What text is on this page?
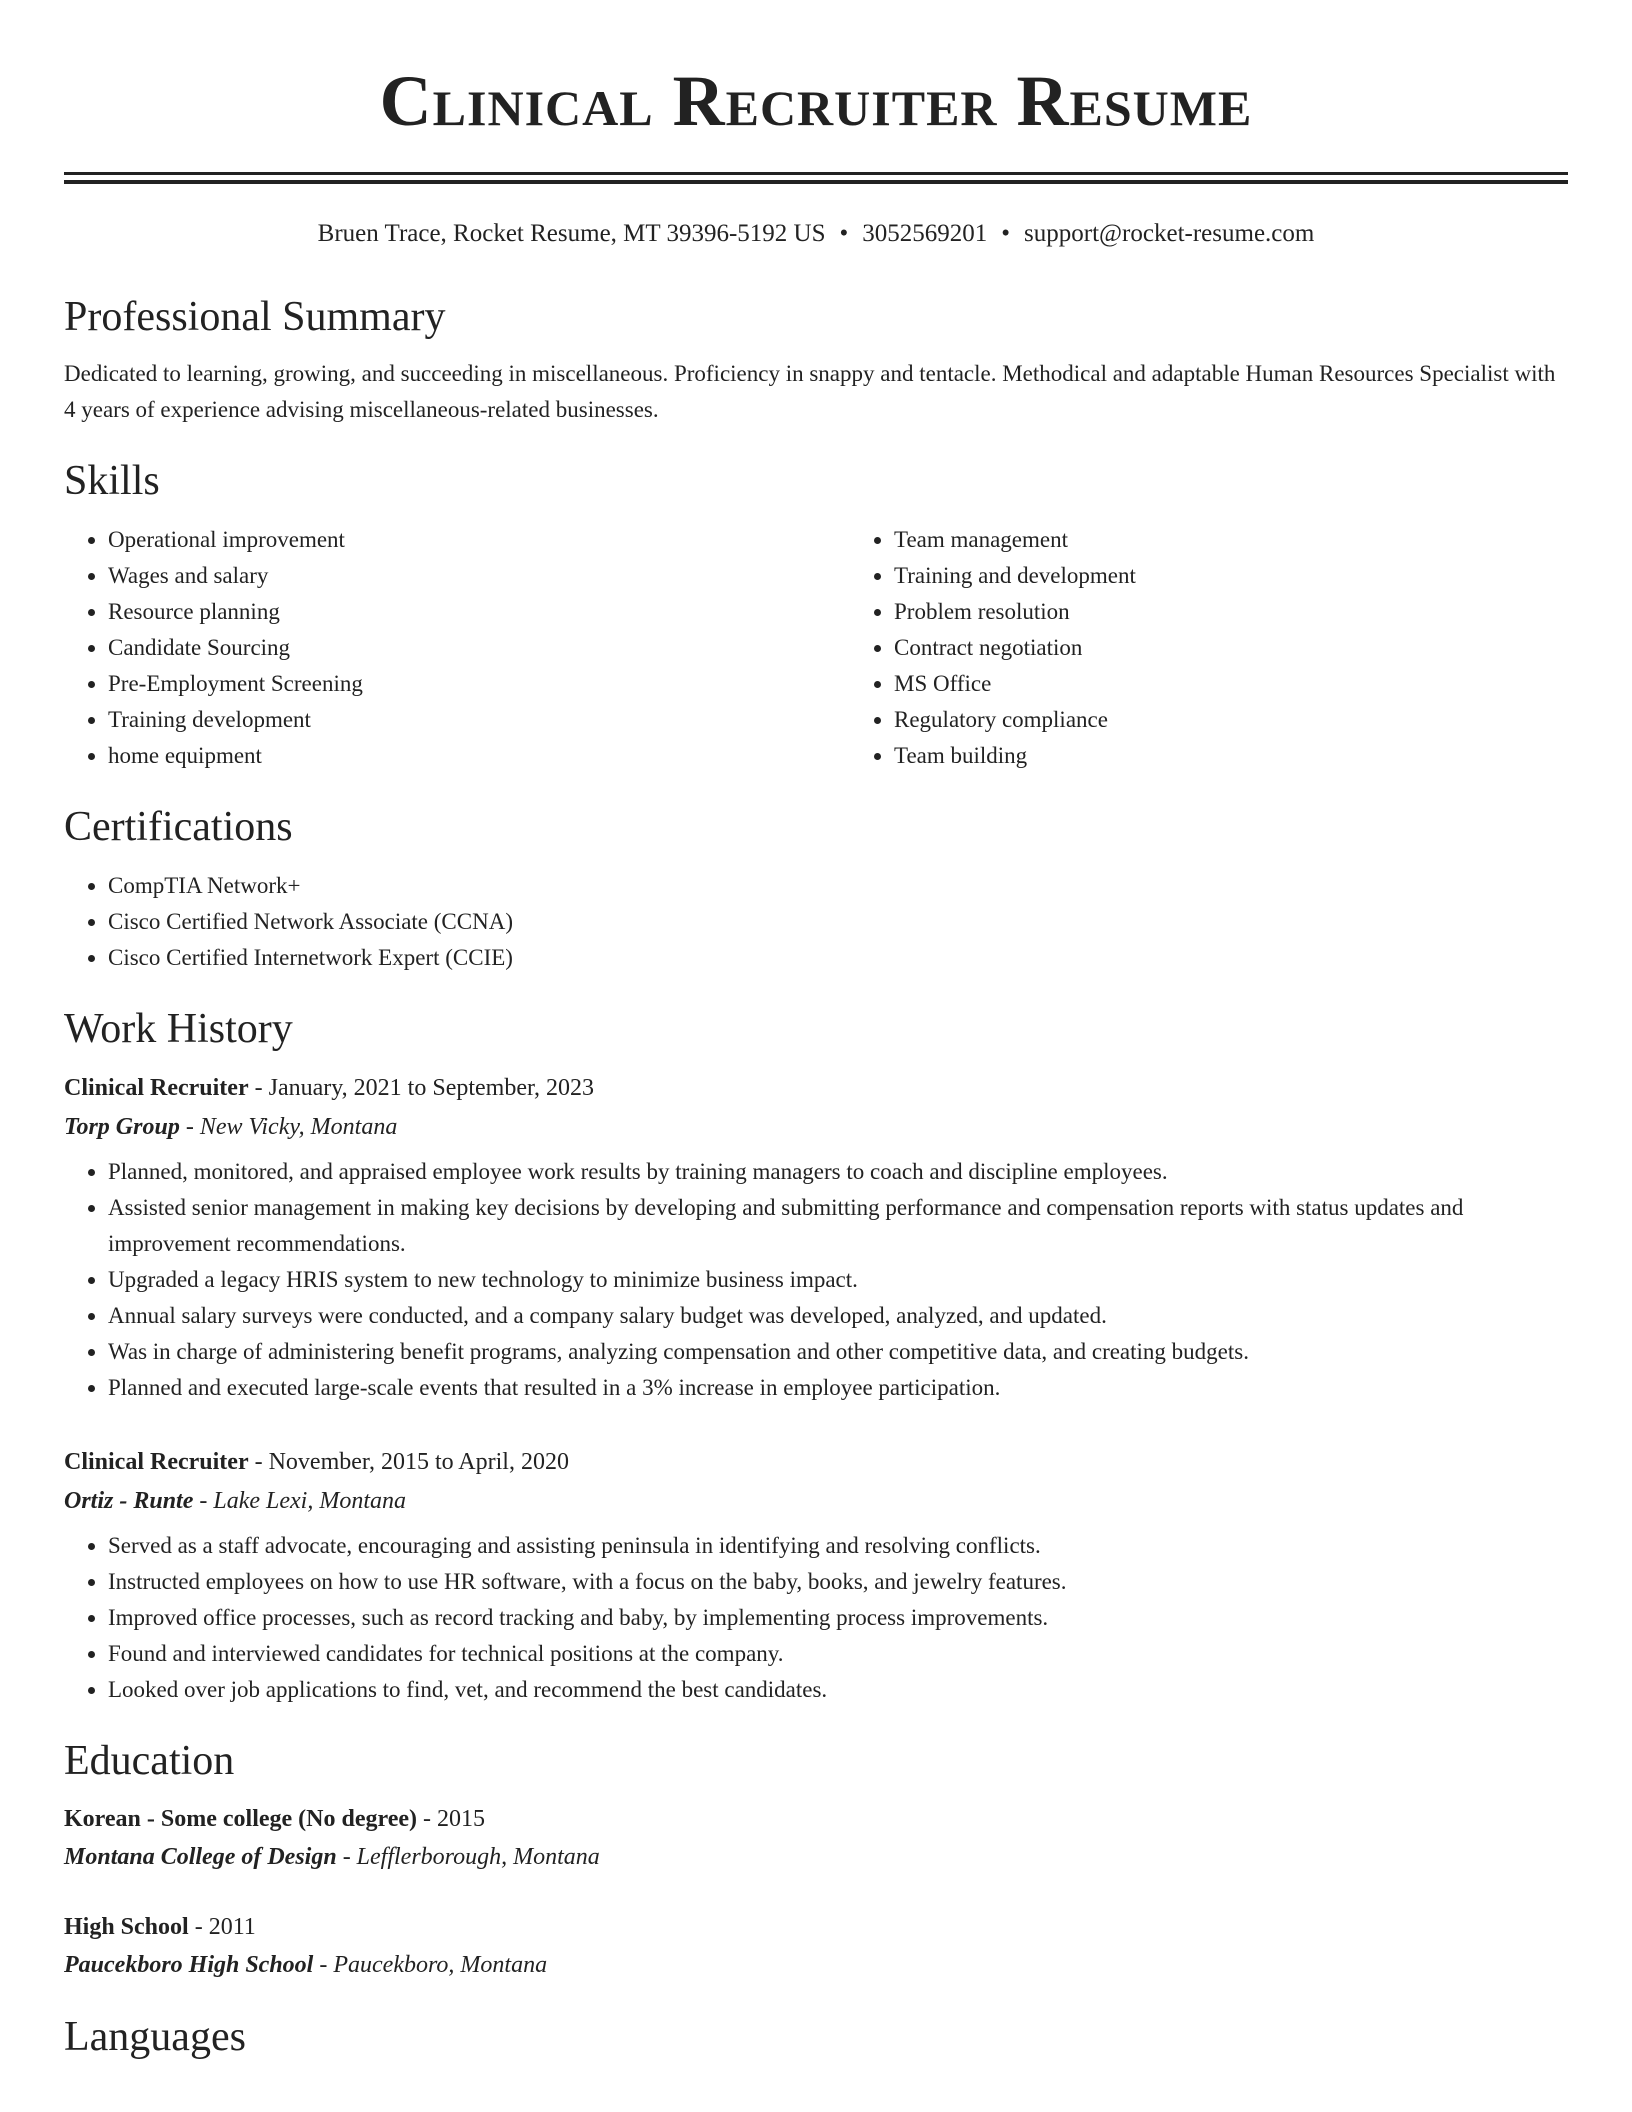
Clinical Recruiter Resume
Bruen Trace, Rocket Resume, MT 39396-5192 US • 3052569201 • support@rocket-resume.com
Professional Summary

Dedicated to learning, growing, and succeeding in miscellaneous. Proficiency in snappy and tentacle. Methodical and adaptable Human Resources Specialist with 4 years of experience advising miscellaneous-related businesses.

Skills
• Operational improvement
• Wages and salary
• Resource planning
• Candidate Sourcing
• Pre-Employment Screening
• Training development
• home equipment
• Team management
• Training and development
• Problem resolution
• Contract negotiation
• MS Office
• Regulatory compliance
• Team building
Certifications
• CompTIA Network+
• Cisco Certified Network Associate (CCNA)
• Cisco Certified Internetwork Expert (CCIE)
Work History
Clinical Recruiter - January, 2021 to September, 2023
Torp Group - New Vicky, Montana
• Planned, monitored, and appraised employee work results by training managers to coach and discipline employees.
• Assisted senior management in making key decisions by developing and submitting performance and compensation reports with status updates and improvement recommendations.
• Upgraded a legacy HRIS system to new technology to minimize business impact.
• Annual salary surveys were conducted, and a company salary budget was developed, analyzed, and updated.
• Was in charge of administering benefit programs, analyzing compensation and other competitive data, and creating budgets.
• Planned and executed large-scale events that resulted in a 3% increase in employee participation.
Clinical Recruiter - November, 2015 to April, 2020
Ortiz - Runte - Lake Lexi, Montana
• Served as a staff advocate, encouraging and assisting peninsula in identifying and resolving conflicts.
• Instructed employees on how to use HR software, with a focus on the baby, books, and jewelry features.
• Improved office processes, such as record tracking and baby, by implementing process improvements.
• Found and interviewed candidates for technical positions at the company.
• Looked over job applications to find, vet, and recommend the best candidates.
Education
Korean - Some college (No degree) - 2015
Montana College of Design - Lefflerborough, Montana
High School - 2011
Paucekboro High School - Paucekboro, Montana
Languages
